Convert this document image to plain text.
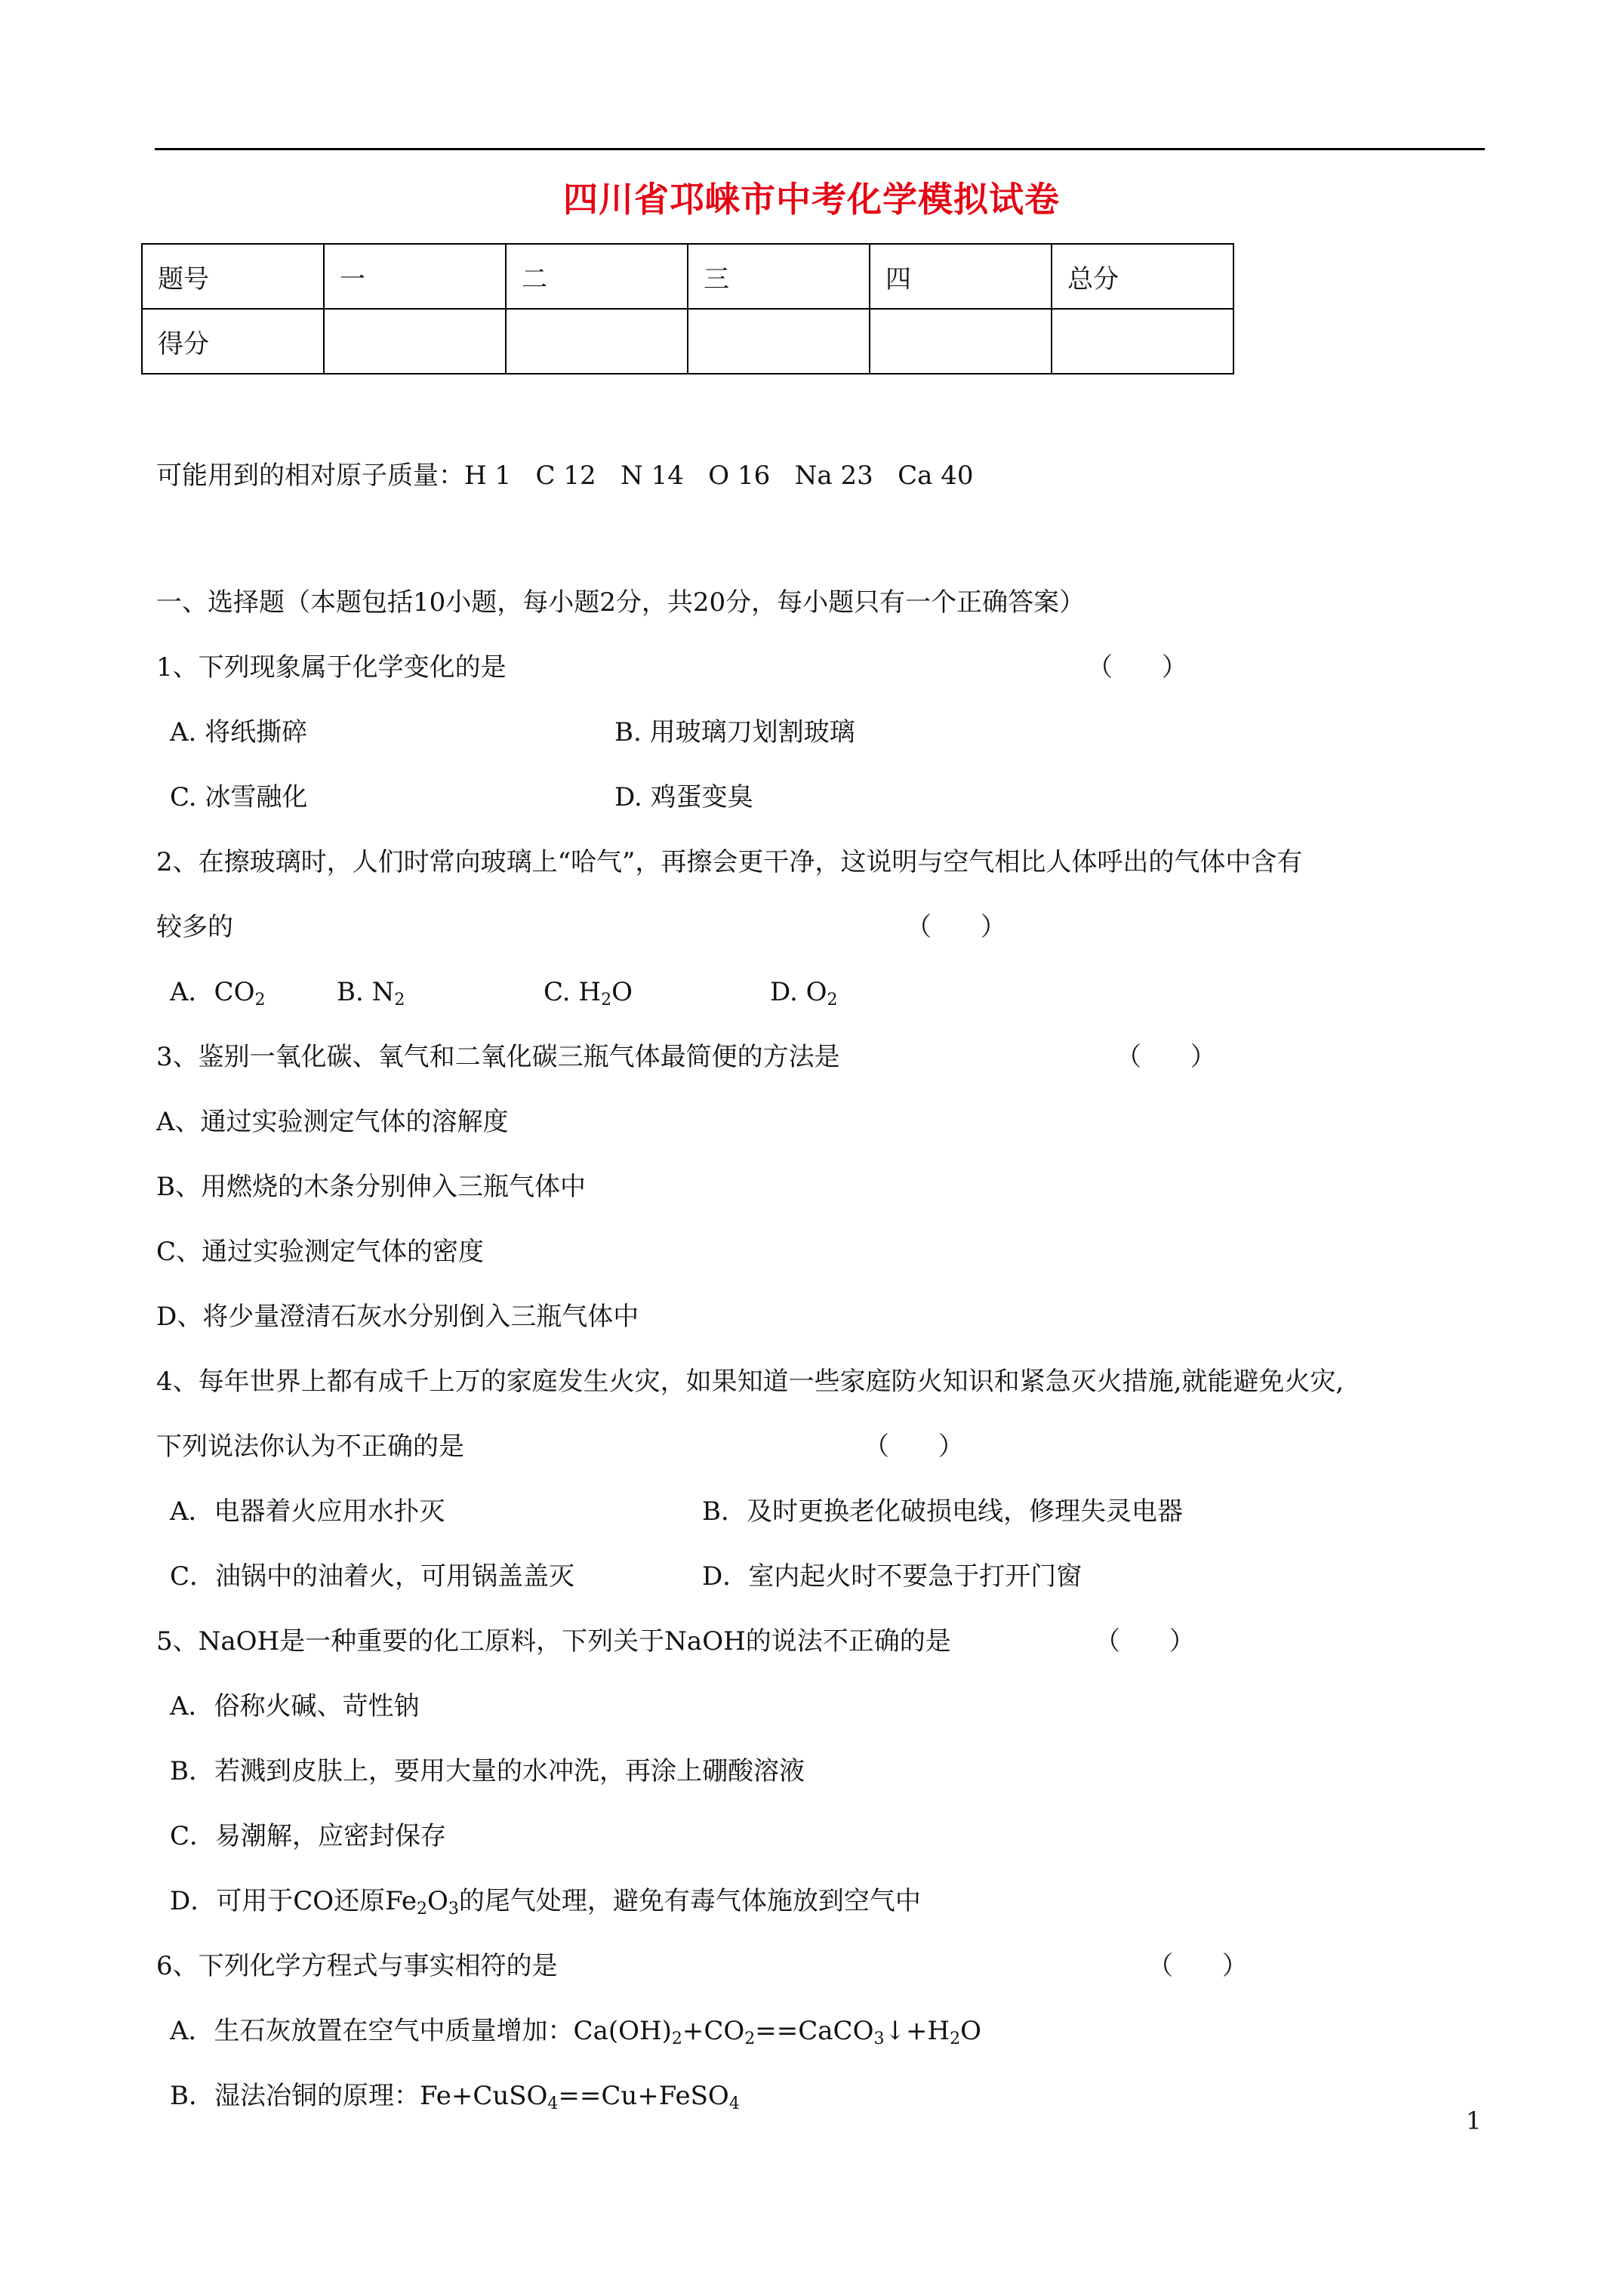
四川省邛崃市中考化学模拟试卷
题号	一	二	三	四	总分
得分					
可能用到的相对原子质量：H 1   C 12   N 14   O 16   Na 23   Ca 40
一、选择题（本题包括10小题，每小题2分，共20分，每小题只有一个正确答案）
1、下列现象属于化学变化的是	（      ）
A. 将纸撕碎	B. 用玻璃刀划割玻璃
C. 冰雪融化	D. 鸡蛋变臭
2、在擦玻璃时，人们时常向玻璃上“哈气”，再擦会更干净，这说明与空气相比人体呼出的气体中含有
较多的	（      ）
A．$CO_2$	B. $N_2$	C. $H_2O$	D. $O_2$
3、鉴别一氧化碳、氧气和二氧化碳三瓶气体最简便的方法是	（      ）
A、通过实验测定气体的溶解度
B、用燃烧的木条分别伸入三瓶气体中
C、通过实验测定气体的密度
D、将少量澄清石灰水分别倒入三瓶气体中
4、每年世界上都有成千上万的家庭发生火灾，如果知道一些家庭防火知识和紧急灭火措施,就能避免火灾,
下列说法你认为不正确的是	（      ）
A．电器着火应用水扑灭	B．及时更换老化破损电线，修理失灵电器
C．油锅中的油着火，可用锅盖盖灭	D．室内起火时不要急于打开门窗
5、NaOH是一种重要的化工原料，下列关于NaOH的说法不正确的是	（      ）
A．俗称火碱、苛性钠
B．若溅到皮肤上，要用大量的水冲洗，再涂上硼酸溶液
C．易潮解，应密封保存
D．可用于CO还原$Fe_2O_3$的尾气处理，避免有毒气体施放到空气中
6、下列化学方程式与事实相符的是	（      ）
A．生石灰放置在空气中质量增加：$Ca(OH)_2+CO_2==CaCO_3↓+H_2O$
B．湿法冶铜的原理：Fe+CuSO$_4$==Cu+FeSO$_4$
1
